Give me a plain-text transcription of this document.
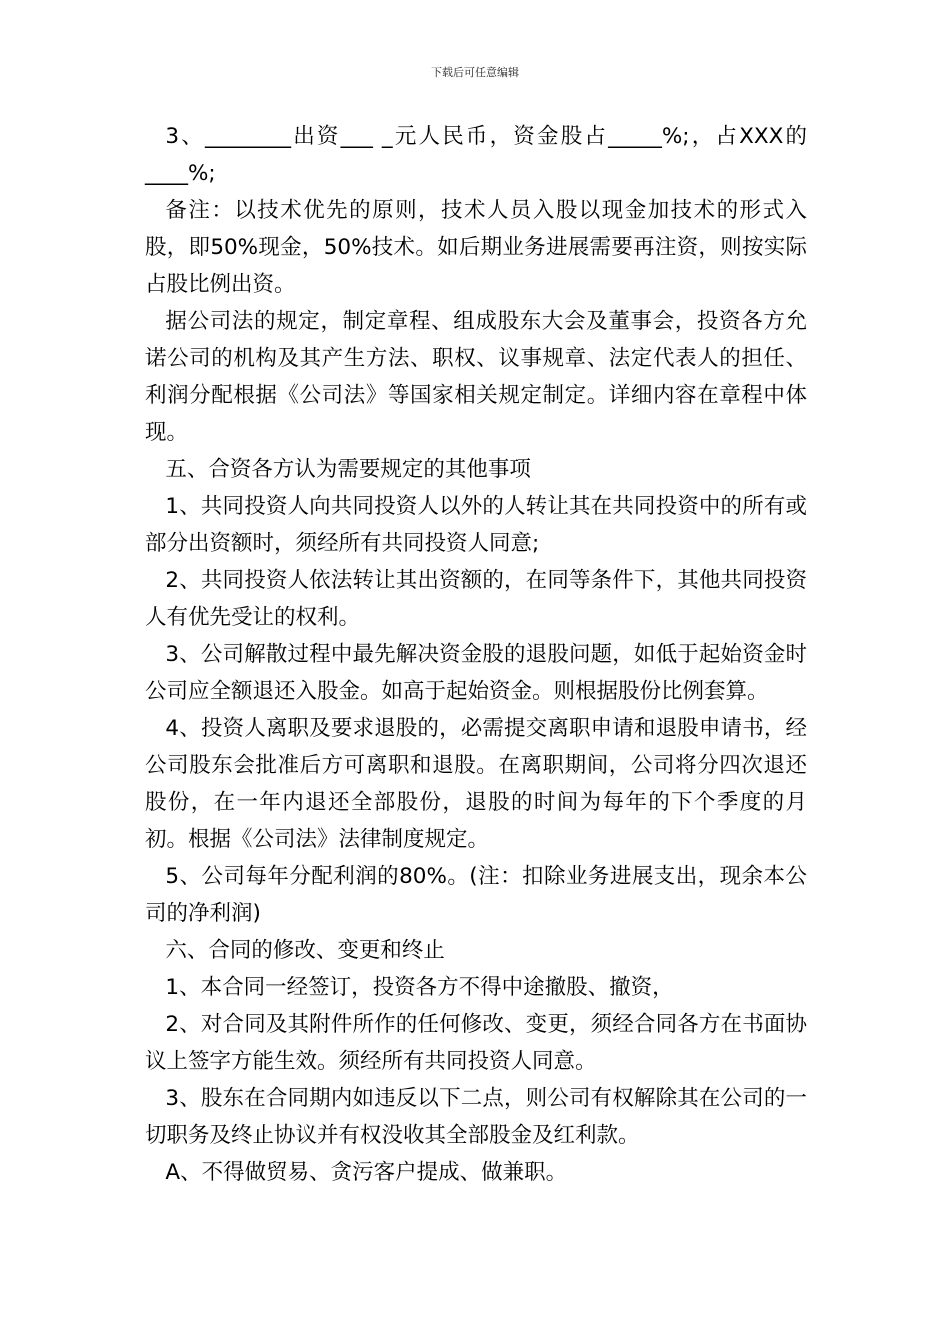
下载后可任意编辑

3、________出资___ _元人民币，资金股占_____%;，占XXX的____%;

备注：以技术优先的原则，技术人员入股以现金加技术的形式入股，即50%现金，50%技术。如后期业务进展需要再注资，则按实际占股比例出资。

据公司法的规定，制定章程、组成股东大会及董事会，投资各方允诺公司的机构及其产生方法、职权、议事规章、法定代表人的担任、利润分配根据《公司法》等国家相关规定制定。详细内容在章程中体现。

五、合资各方认为需要规定的其他事项

1、共同投资人向共同投资人以外的人转让其在共同投资中的所有或部分出资额时，须经所有共同投资人同意;

2、共同投资人依法转让其出资额的，在同等条件下，其他共同投资人有优先受让的权利。

3、公司解散过程中最先解决资金股的退股问题，如低于起始资金时公司应全额退还入股金。如高于起始资金。则根据股份比例套算。

4、投资人离职及要求退股的，必需提交离职申请和退股申请书，经公司股东会批准后方可离职和退股。在离职期间，公司将分四次退还股份，在一年内退还全部股份，退股的时间为每年的下个季度的月初。根据《公司法》法律制度规定。

5、公司每年分配利润的80%。(注：扣除业务进展支出，现余本公司的净利润)

六、合同的修改、变更和终止

1、本合同一经签订，投资各方不得中途撤股、撤资，

2、对合同及其附件所作的任何修改、变更，须经合同各方在书面协议上签字方能生效。须经所有共同投资人同意。

3、股东在合同期内如违反以下二点，则公司有权解除其在公司的一切职务及终止协议并有权没收其全部股金及红利款。

A、不得做贸易、贪污客户提成、做兼职。
